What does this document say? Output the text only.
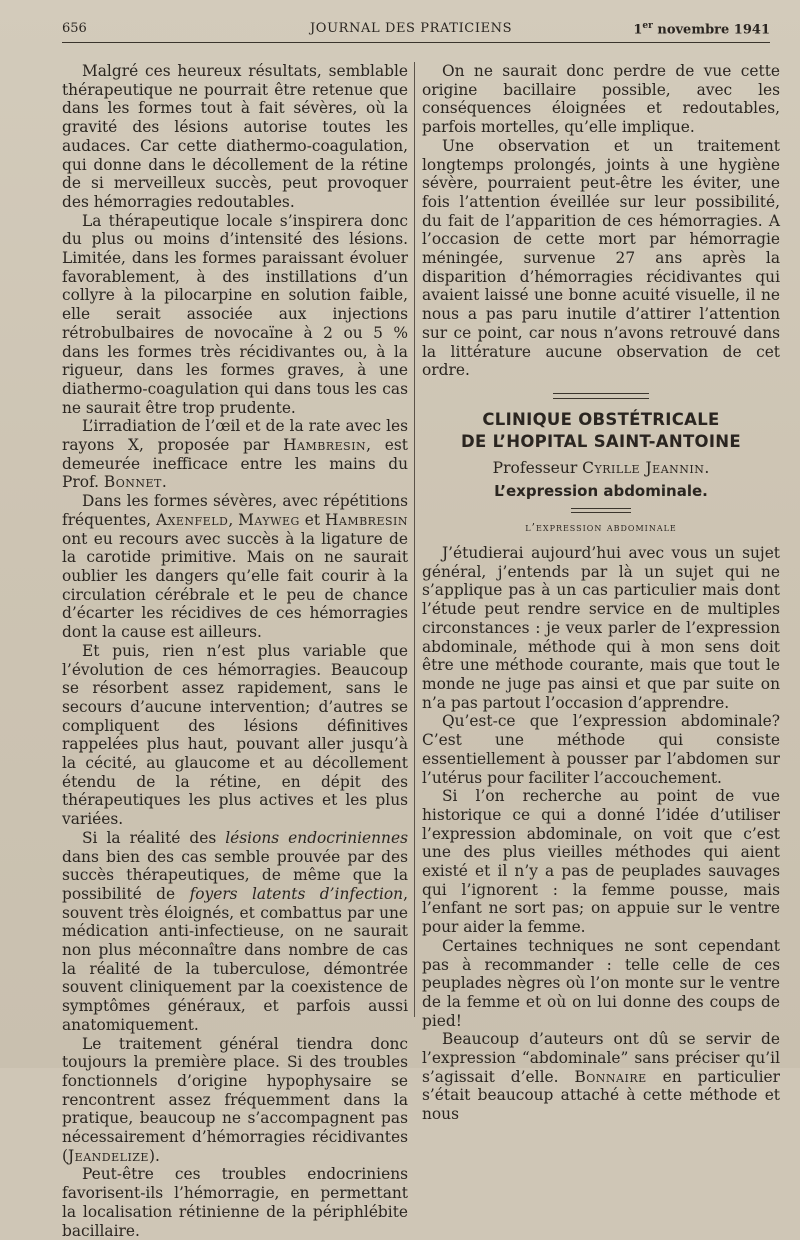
656	JOURNAL DES PRATICIENS	1er novembre 1941

Malgré ces heureux résultats, semblable thérapeutique ne pourrait être retenue que dans les formes tout à fait sévères, où la gravité des lésions autorise toutes les audaces. Car cette diathermo-coagulation, qui donne dans le décollement de la rétine de si merveilleux succès, peut provoquer des hémorragies redoutables.

La thérapeutique locale s’inspirera donc du plus ou moins d’intensité des lésions. Limitée, dans les formes paraissant évoluer favorablement, à des instillations d’un collyre à la pilocarpine en solution faible, elle serait associée aux injections rétrobulbaires de novocaïne à 2 ou 5 % dans les formes très récidivantes ou, à la rigueur, dans les formes graves, à une diathermo-coagulation qui dans tous les cas ne saurait être trop prudente.

L’irradiation de l’œil et de la rate avec les rayons X, proposée par Hambresin, est demeurée inefficace entre les mains du Prof. Bonnet.

Dans les formes sévères, avec répétitions fréquentes, Axenfeld, Mayweg et Hambresin ont eu recours avec succès à la ligature de la carotide primitive. Mais on ne saurait oublier les dangers qu’elle fait courir à la circulation cérébrale et le peu de chance d’écarter les récidives de ces hémorragies dont la cause est ailleurs.

Et puis, rien n’est plus variable que l’évolution de ces hémorragies. Beaucoup se résorbent assez rapidement, sans le secours d’aucune intervention; d’autres se compliquent des lésions définitives rappelées plus haut, pouvant aller jusqu’à la cécité, au glaucome et au décollement étendu de la rétine, en dépit des thérapeutiques les plus actives et les plus variées.

Si la réalité des lésions endocriniennes dans bien des cas semble prouvée par des succès thérapeutiques, de même que la possibilité de foyers latents d’infection, souvent très éloignés, et combattus par une médication anti-infectieuse, on ne saurait non plus méconnaître dans nombre de cas la réalité de la tuberculose, démontrée souvent cliniquement par la coexistence de symptômes généraux, et parfois aussi anatomiquement.

Le traitement général tiendra donc toujours la première place. Si des troubles fonctionnels d’origine hypophysaire se rencontrent assez fréquemment dans la pratique, beaucoup ne s’accompagnent pas nécessairement d’hémorragies récidivantes (Jeandelize).

Peut-être ces troubles endocriniens favorisent-ils l’hémorragie, en permettant la localisation rétinienne de la périphlébite bacillaire.

On ne saurait donc perdre de vue cette origine bacillaire possible, avec les conséquences éloignées et redoutables, parfois mortelles, qu’elle implique.

Une observation et un traitement longtemps prolongés, joints à une hygiène sévère, pourraient peut-être les éviter, une fois l’attention éveillée sur leur possibilité, du fait de l’apparition de ces hémorragies. A l’occasion de cette mort par hémorragie méningée, survenue 27 ans après la disparition d’hémorragies récidivantes qui avaient laissé une bonne acuité visuelle, il ne nous a pas paru inutile d’attirer l’attention sur ce point, car nous n’avons retrouvé dans la littérature aucune observation de cet ordre.

CLINIQUE OBSTÉTRICALE
DE L’HOPITAL SAINT-ANTOINE
Professeur Cyrille Jeannin.
L’expression abdominale.
l’expression abdominale

J’étudierai aujourd’hui avec vous un sujet général, j’entends par là un sujet qui ne s’applique pas à un cas particulier mais dont l’étude peut rendre service en de multiples circonstances : je veux parler de l’expression abdominale, méthode qui à mon sens doit être une méthode courante, mais que tout le monde ne juge pas ainsi et que par suite on n’a pas partout l’occasion d’apprendre.

Qu’est-ce que l’expression abdominale? C’est une méthode qui consiste essentiellement à pousser par l’abdomen sur l’utérus pour faciliter l’accouchement.

Si l’on recherche au point de vue historique ce qui a donné l’idée d’utiliser l’expression abdominale, on voit que c’est une des plus vieilles méthodes qui aient existé et il n’y a pas de peuplades sauvages qui l’ignorent : la femme pousse, mais l’enfant ne sort pas; on appuie sur le ventre pour aider la femme.

Certaines techniques ne sont cependant pas à recommander : telle celle de ces peuplades nègres où l’on monte sur le ventre de la femme et où on lui donne des coups de pied!

Beaucoup d’auteurs ont dû se servir de l’expression “abdominale” sans préciser qu’il s’agissait d’elle. Bonnaire en particulier s’était beaucoup attaché à cette méthode et nous
